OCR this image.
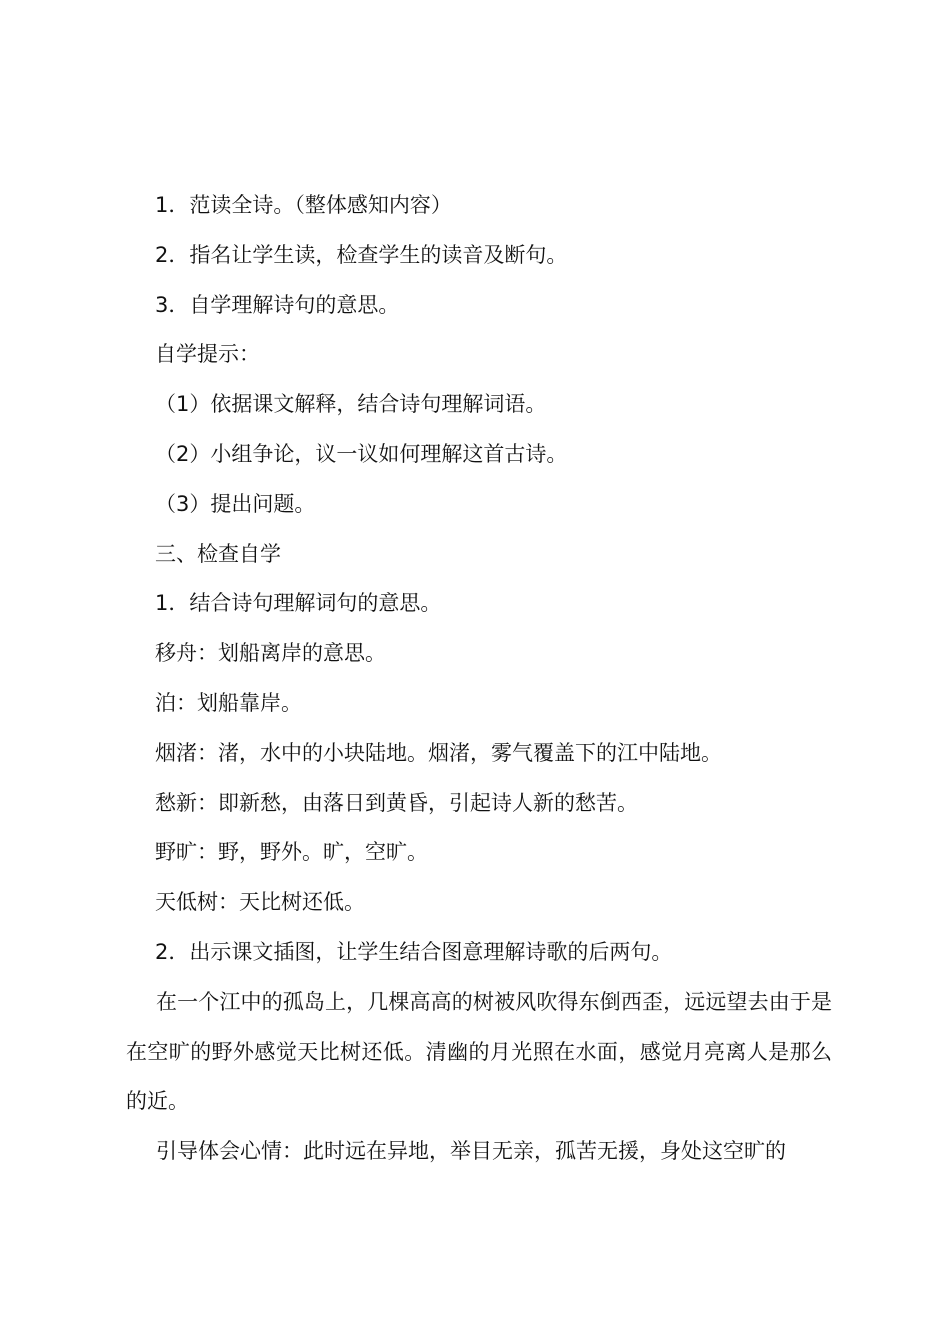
1．范读全诗。（整体感知内容）
2．指名让学生读，检查学生的读音及断句。
3．自学理解诗句的意思。
自学提示：
（1）依据课文解释，结合诗句理解词语。
（2）小组争论，议一议如何理解这首古诗。
（3）提出问题。
三、检查自学
1．结合诗句理解词句的意思。
移舟：划船离岸的意思。
泊：划船靠岸。
烟渚：渚，水中的小块陆地。烟渚，雾气覆盖下的江中陆地。
愁新：即新愁，由落日到黄昏，引起诗人新的愁苦。
野旷：野，野外。旷，空旷。
天低树：天比树还低。
2．出示课文插图，让学生结合图意理解诗歌的后两句。

在一个江中的孤岛上，几棵高高的树被风吹得东倒西歪，远远望去由于是在空旷的野外感觉天比树还低。清幽的月光照在水面，感觉月亮离人是那么的近。

引导体会心情：此时远在异地，举目无亲，孤苦无援，身处这空旷的
